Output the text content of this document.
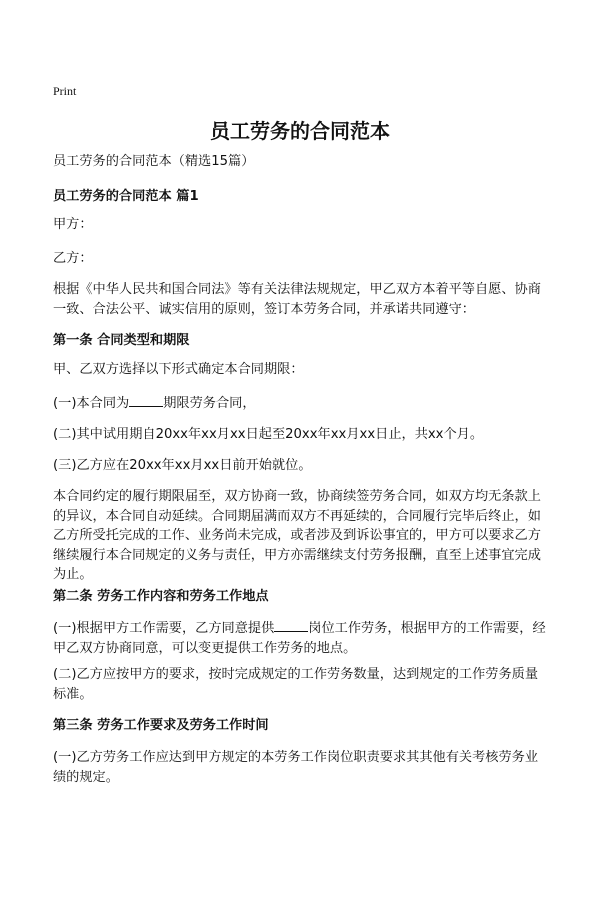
Print
员工劳务的合同范本
员工劳务的合同范本（精选15篇）
员工劳务的合同范本 篇1
甲方：
乙方：
根据《中华人民共和国合同法》等有关法律法规规定，甲乙双方本着平等自愿、协商一致、合法公平、诚实信用的原则，签订本劳务合同，并承诺共同遵守：
第一条 合同类型和期限
甲、乙双方选择以下形式确定本合同期限：
(一)本合同为	期限劳务合同，
(二)其中试用期自20xx年xx月xx日起至20xx年xx月xx日止，共xx个月。
(三)乙方应在20xx年xx月xx日前开始就位。
本合同约定的履行期限届至，双方协商一致，协商续签劳务合同，如双方均无条款上的异议，本合同自动延续。合同期届满而双方不再延续的，合同履行完毕后终止，如乙方所受托完成的工作、业务尚未完成，或者涉及到诉讼事宜的，甲方可以要求乙方继续履行本合同规定的义务与责任，甲方亦需继续支付劳务报酬，直至上述事宜完成为止。
第二条 劳务工作内容和劳务工作地点
(一)根据甲方工作需要，乙方同意提供	岗位工作劳务，根据甲方的工作需要，经甲乙双方协商同意，可以变更提供工作劳务的地点。
(二)乙方应按甲方的要求，按时完成规定的工作劳务数量，达到规定的工作劳务质量标准。
第三条 劳务工作要求及劳务工作时间
(一)乙方劳务工作应达到甲方规定的本劳务工作岗位职责要求其其他有关考核劳务业绩的规定。
